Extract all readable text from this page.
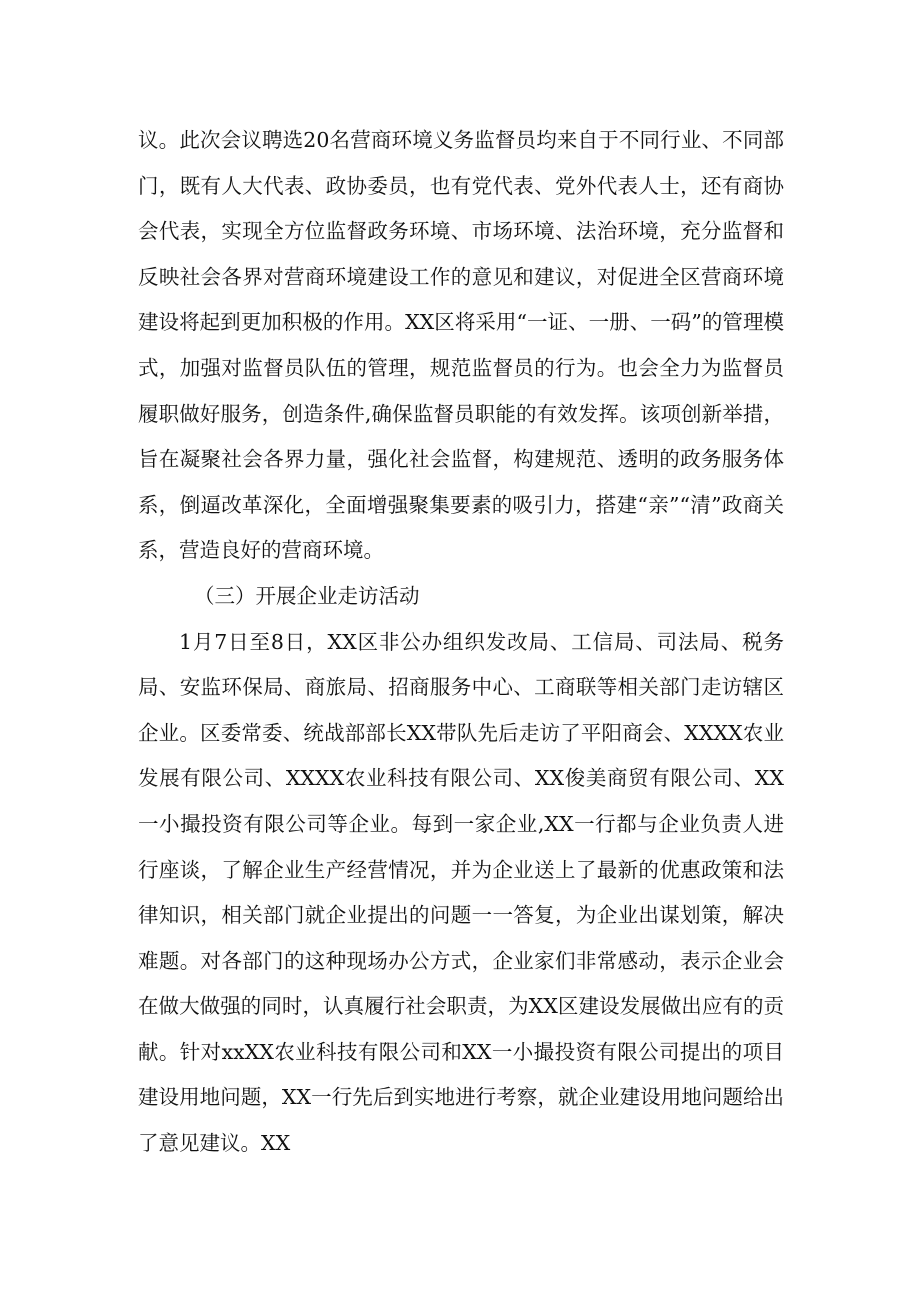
议。此次会议聘选20名营商环境义务监督员均来自于不同行业、不同部门，既有人大代表、政协委员，也有党代表、党外代表人士，还有商协会代表，实现全方位监督政务环境、市场环境、法治环境，充分监督和反映社会各界对营商环境建设工作的意见和建议，对促进全区营商环境建设将起到更加积极的作用。XX区将采用“一证、一册、一码”的管理模式，加强对监督员队伍的管理，规范监督员的行为。也会全力为监督员履职做好服务，创造条件,确保监督员职能的有效发挥。该项创新举措，旨在凝聚社会各界力量，强化社会监督，构建规范、透明的政务服务体系，倒逼改革深化，全面增强聚集要素的吸引力，搭建“亲”“清”政商关系，营造良好的营商环境。

（三）开展企业走访活动

1月7日至8日，XX区非公办组织发改局、工信局、司法局、税务局、安监环保局、商旅局、招商服务中心、工商联等相关部门走访辖区企业。区委常委、统战部部长XX带队先后走访了平阳商会、XXXX农业发展有限公司、XXXX农业科技有限公司、XX俊美商贸有限公司、XX一小撮投资有限公司等企业。每到一家企业,XX一行都与企业负责人进行座谈，了解企业生产经营情况，并为企业送上了最新的优惠政策和法律知识，相关部门就企业提出的问题一一答复，为企业出谋划策，解决难题。对各部门的这种现场办公方式，企业家们非常感动，表示企业会在做大做强的同时，认真履行社会职责，为XX区建设发展做出应有的贡献。针对xxXX农业科技有限公司和XX一小撮投资有限公司提出的项目建设用地问题，XX一行先后到实地进行考察，就企业建设用地问题给出了意见建议。XX
